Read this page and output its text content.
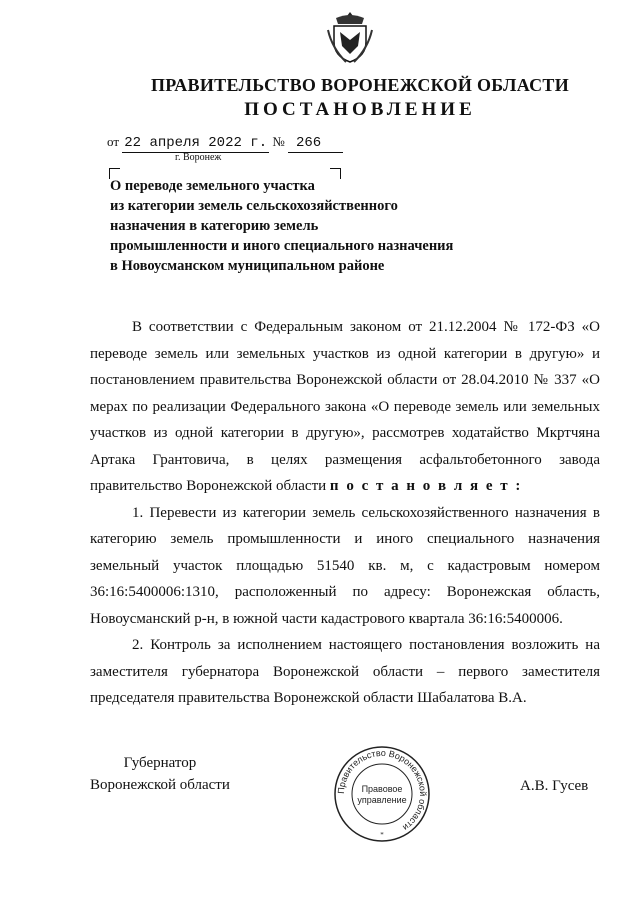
ПРАВИТЕЛЬСТВО ВОРОНЕЖСКОЙ ОБЛАСТИ
ПОСТАНОВЛЕНИЕ
от 22 апреля 2022 г. № 266
г. Воронеж
О переводе земельного участка
из категории земель сельскохозяйственного
назначения в категорию земель
промышленности и иного специального назначения
в Новоусманском муниципальном районе

В соответствии с Федеральным законом от 21.12.2004 № 172-ФЗ «О переводе земель или земельных участков из одной категории в другую» и постановлением правительства Воронежской области от 28.04.2010 № 337 «О мерах по реализации Федерального закона «О переводе земель или земельных участков из одной категории в другую», рассмотрев ходатайство Мкртчяна Артака Грантовича, в целях размещения асфальтобетонного завода правительство Воронежской области п о с т а н о в л я е т :

1. Перевести из категории земель сельскохозяйственного назначения в категорию земель промышленности и иного специального назначения земельный участок площадью 51540 кв. м, с кадастровым номером 36:16:5400006:1310, расположенный по адресу: Воронежская область, Новоусманский р-н, в южной части кадастрового квартала 36:16:5400006.

2. Контроль за исполнением настоящего постановления возложить на заместителя губернатора Воронежской области – первого заместителя председателя правительства Воронежской области Шабалатова В.А.

Губернатор
Воронежской области	Правительство Воронежской области
Правовое
управление
*
А.В. Гусев
